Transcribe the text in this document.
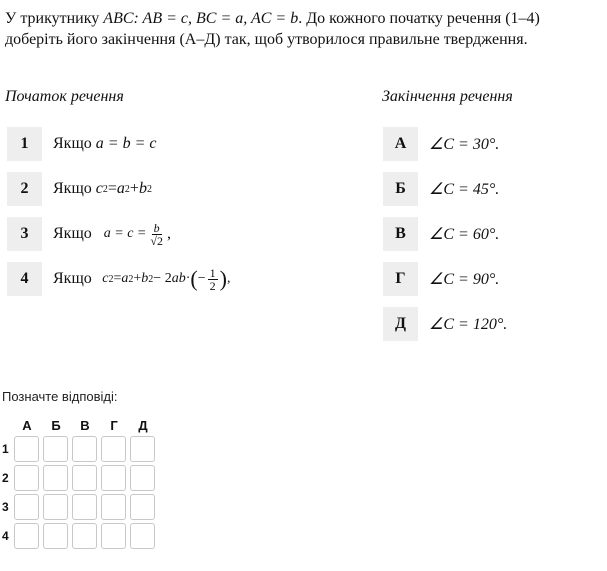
У трикутнику ABC: AB = c, BC = a, AC = b. До кожного початку речення (1–4) доберіть його закінчення (А–Д) так, щоб утворилося правильне твердження.
Початок речення	Закінчення речення
1	Якщо
a = b = c
2	Якщо
c 2 = a 2 + b 2
3	Якщо
$a = c = \frac{b}{√2}$ ,
4	Якщо
c 2 = a 2 + b 2 − 2 ab · ( − $\frac{1}{2}$ ) ,
А	∠C = 30°.
Б	∠C = 45°.
В	∠C = 60°.
Г	∠C = 90°.
Д	∠C = 120°.
Позначте відповіді:
А	Б	В	Г	Д
1
2
3
4
